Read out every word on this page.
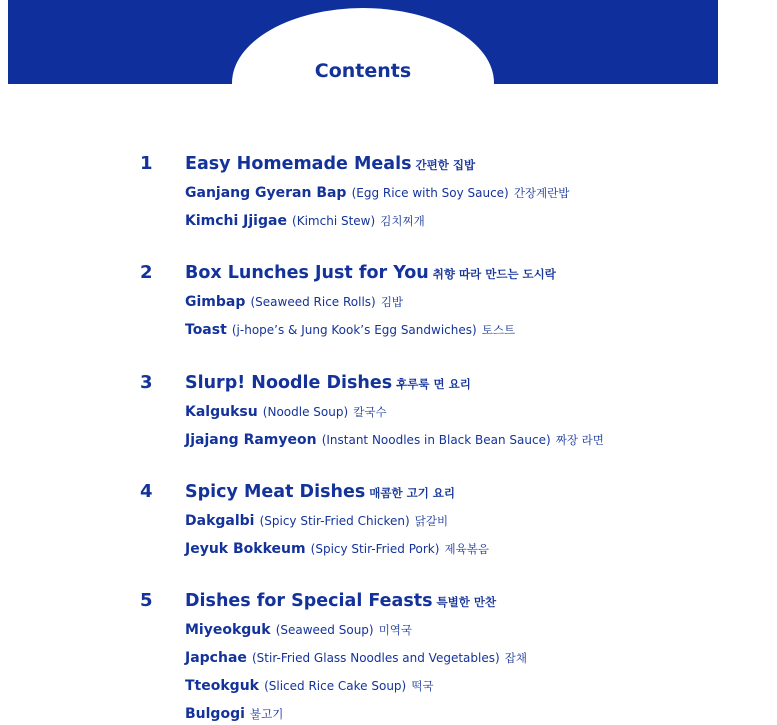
Contents
1 Easy Homemade Meals 간편한 집밥
Ganjang Gyeran Bap (Egg Rice with Soy Sauce) 간장계란밥
Kimchi Jjigae (Kimchi Stew) 김치찌개
2 Box Lunches Just for You 취향 따라 만드는 도시락
Gimbap (Seaweed Rice Rolls) 김밥
Toast (j-hope’s & Jung Kook’s Egg Sandwiches) 토스트
3 Slurp! Noodle Dishes 후루룩 면 요리
Kalguksu (Noodle Soup) 칼국수
Jjajang Ramyeon (Instant Noodles in Black Bean Sauce) 짜장 라면
4 Spicy Meat Dishes 매콤한 고기 요리
Dakgalbi (Spicy Stir-Fried Chicken) 닭갈비
Jeyuk Bokkeum (Spicy Stir-Fried Pork) 제육볶음
5 Dishes for Special Feasts 특별한 만찬
Miyeokguk (Seaweed Soup) 미역국
Japchae (Stir-Fried Glass Noodles and Vegetables) 잡채
Tteokguk (Sliced Rice Cake Soup) 떡국
Bulgogi 불고기
